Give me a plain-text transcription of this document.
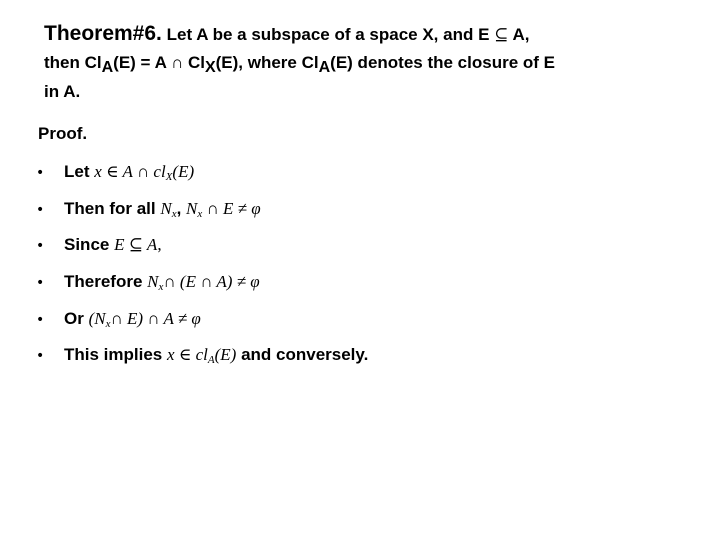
Theorem#6. Let A be a subspace of a space X, and E ⊆ A,
then ClA(E) = A ∩ ClX(E), where ClA(E) denotes the closure of E
in A.
Proof.
• Let x ∈ A ∩ $cl_X(E)$
• Then for all $N_x$, $N_x$ ∩ E ≠ φ
• Since E ⊆ A,
• Therefore $N_x\cap$ (E ∩ A) ≠ φ
• Or ($N_x\cap$ E) ∩ A ≠ φ
• This implies x ∈ $cl_A(E)$ and conversely.
